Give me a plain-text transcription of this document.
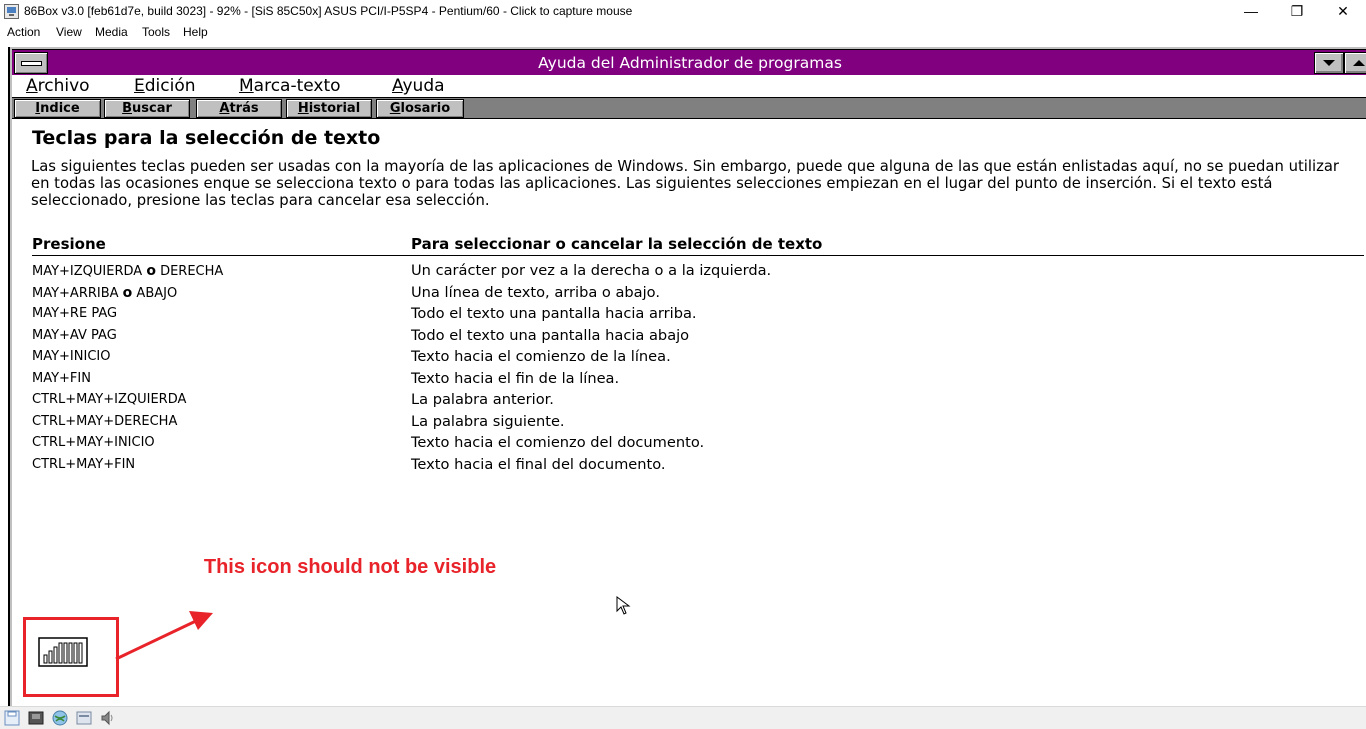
86Box v3.0 [feb61d7e, build 3023] - 92% - [SiS 85C50x] ASUS PCI/I-P5SP4 - Pentium/60 - Click to capture mouse	—	❐	✕
Action View Media Tools Help
Ayuda del Administrador de programas
Archivo	Edición	Marca-texto	Ayuda
Indice	Buscar	Atrás	Historial	Glosario
Teclas para la selección de texto
Las siguientes teclas pueden ser usadas con la mayoría de las aplicaciones de Windows. Sin embargo, puede que alguna de las que están enlistadas aquí, no se puedan utilizar en todas las ocasiones enque se selecciona texto o para todas las aplicaciones. Las siguientes selecciones empiezan en el lugar del punto de inserción. Si el texto está seleccionado, presione las teclas para cancelar esa selección.
Presione	Para seleccionar o cancelar la selección de texto
MAY+IZQUIERDA o DERECHA	Un carácter por vez a la derecha o a la izquierda.
MAY+ARRIBA o ABAJO	Una línea de texto, arriba o abajo.
MAY+RE PAG	Todo el texto una pantalla hacia arriba.
MAY+AV PAG	Todo el texto una pantalla hacia abajo
MAY+INICIO	Texto hacia el comienzo de la línea.
MAY+FIN	Texto hacia el fin de la línea.
CTRL+MAY+IZQUIERDA	La palabra anterior.
CTRL+MAY+DERECHA	La palabra siguiente.
CTRL+MAY+INICIO	Texto hacia el comienzo del documento.
CTRL+MAY+FIN	Texto hacia el final del documento.
This icon should not be visible
